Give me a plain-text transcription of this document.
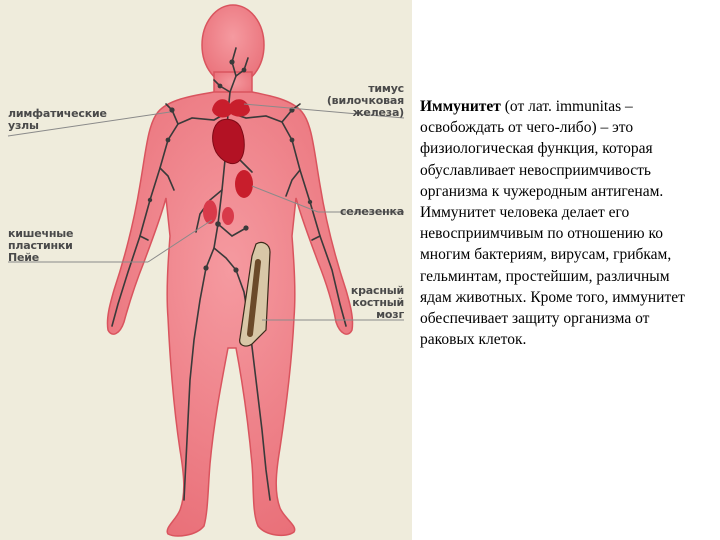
тимус
(вилочковая
железа)
лимфатические
узлы
селезенка
кишечные
пластинки
Пейе
красный
костный
мозг
Иммунитет (от лат. immunitas – освобождать от чего-либо) – это физиологическая функция, которая обуславливает невосприимчивость организма к чужеродным антигенам. Иммунитет человека делает его невосприимчивым по отношению ко многим бактериям, вирусам, грибкам, гельминтам, простейшим, различным ядам животных. Кроме того, иммунитет обеспечивает защиту организма от раковых клеток.
